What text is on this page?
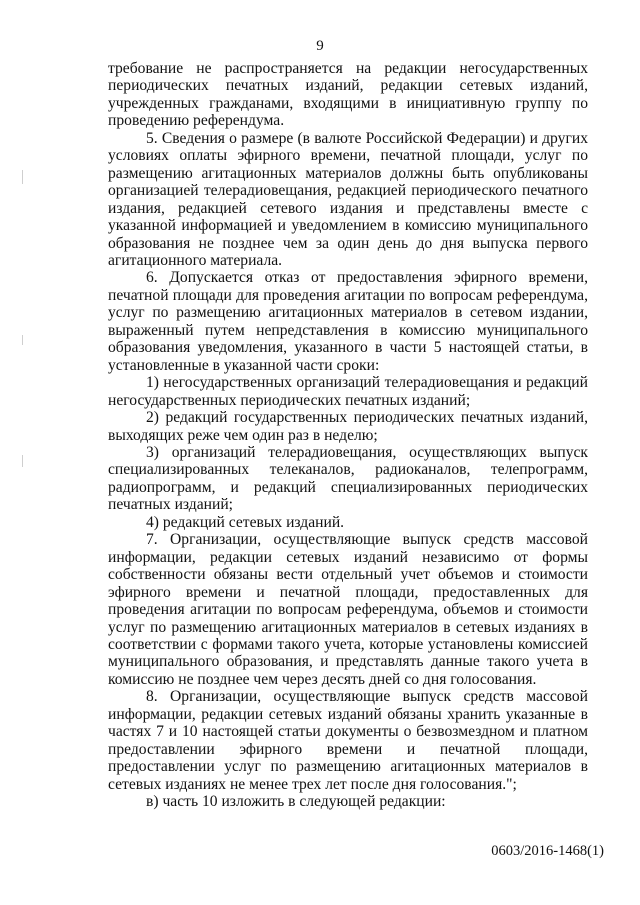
9

требование не распространяется на редакции негосударственных периодических печатных изданий, редакции сетевых изданий, учрежденных гражданами, входящими в инициативную группу по проведению референдума.

5. Сведения о размере (в валюте Российской Федерации) и других условиях оплаты эфирного времени, печатной площади, услуг по размещению агитационных материалов должны быть опубликованы организацией телерадиовещания, редакцией периодического печатного издания, редакцией сетевого издания и представлены вместе с указанной информацией и уведомлением в комиссию муниципального образования не позднее чем за один день до дня выпуска первого агитационного материала.

6. Допускается отказ от предоставления эфирного времени, печатной площади для проведения агитации по вопросам референдума, услуг по размещению агитационных материалов в сетевом издании, выраженный путем непредставления в комиссию муниципального образования уведомления, указанного в части 5 настоящей статьи, в установленные в указанной части сроки:

1) негосударственных организаций телерадиовещания и редакций негосударственных периодических печатных изданий;

2) редакций государственных периодических печатных изданий, выходящих реже чем один раз в неделю;

3) организаций телерадиовещания, осуществляющих выпуск специализированных телеканалов, радиоканалов, телепрограмм, радиопрограмм, и редакций специализированных периодических печатных изданий;

4) редакций сетевых изданий.

7. Организации, осуществляющие выпуск средств массовой информации, редакции сетевых изданий независимо от формы собственности обязаны вести отдельный учет объемов и стоимости эфирного времени и печатной площади, предоставленных для проведения агитации по вопросам референдума, объемов и стоимости услуг по размещению агитационных материалов в сетевых изданиях в соответствии с формами такого учета, которые установлены комиссией муниципального образования, и представлять данные такого учета в комиссию не позднее чем через десять дней со дня голосования.

8. Организации, осуществляющие выпуск средств массовой информации, редакции сетевых изданий обязаны хранить указанные в частях 7 и 10 настоящей статьи документы о безвозмездном и платном предоставлении эфирного времени и печатной площади, предоставлении услуг по размещению агитационных материалов в сетевых изданиях не менее трех лет после дня голосования.";

в) часть 10 изложить в следующей редакции:

0603/2016-1468(1)
